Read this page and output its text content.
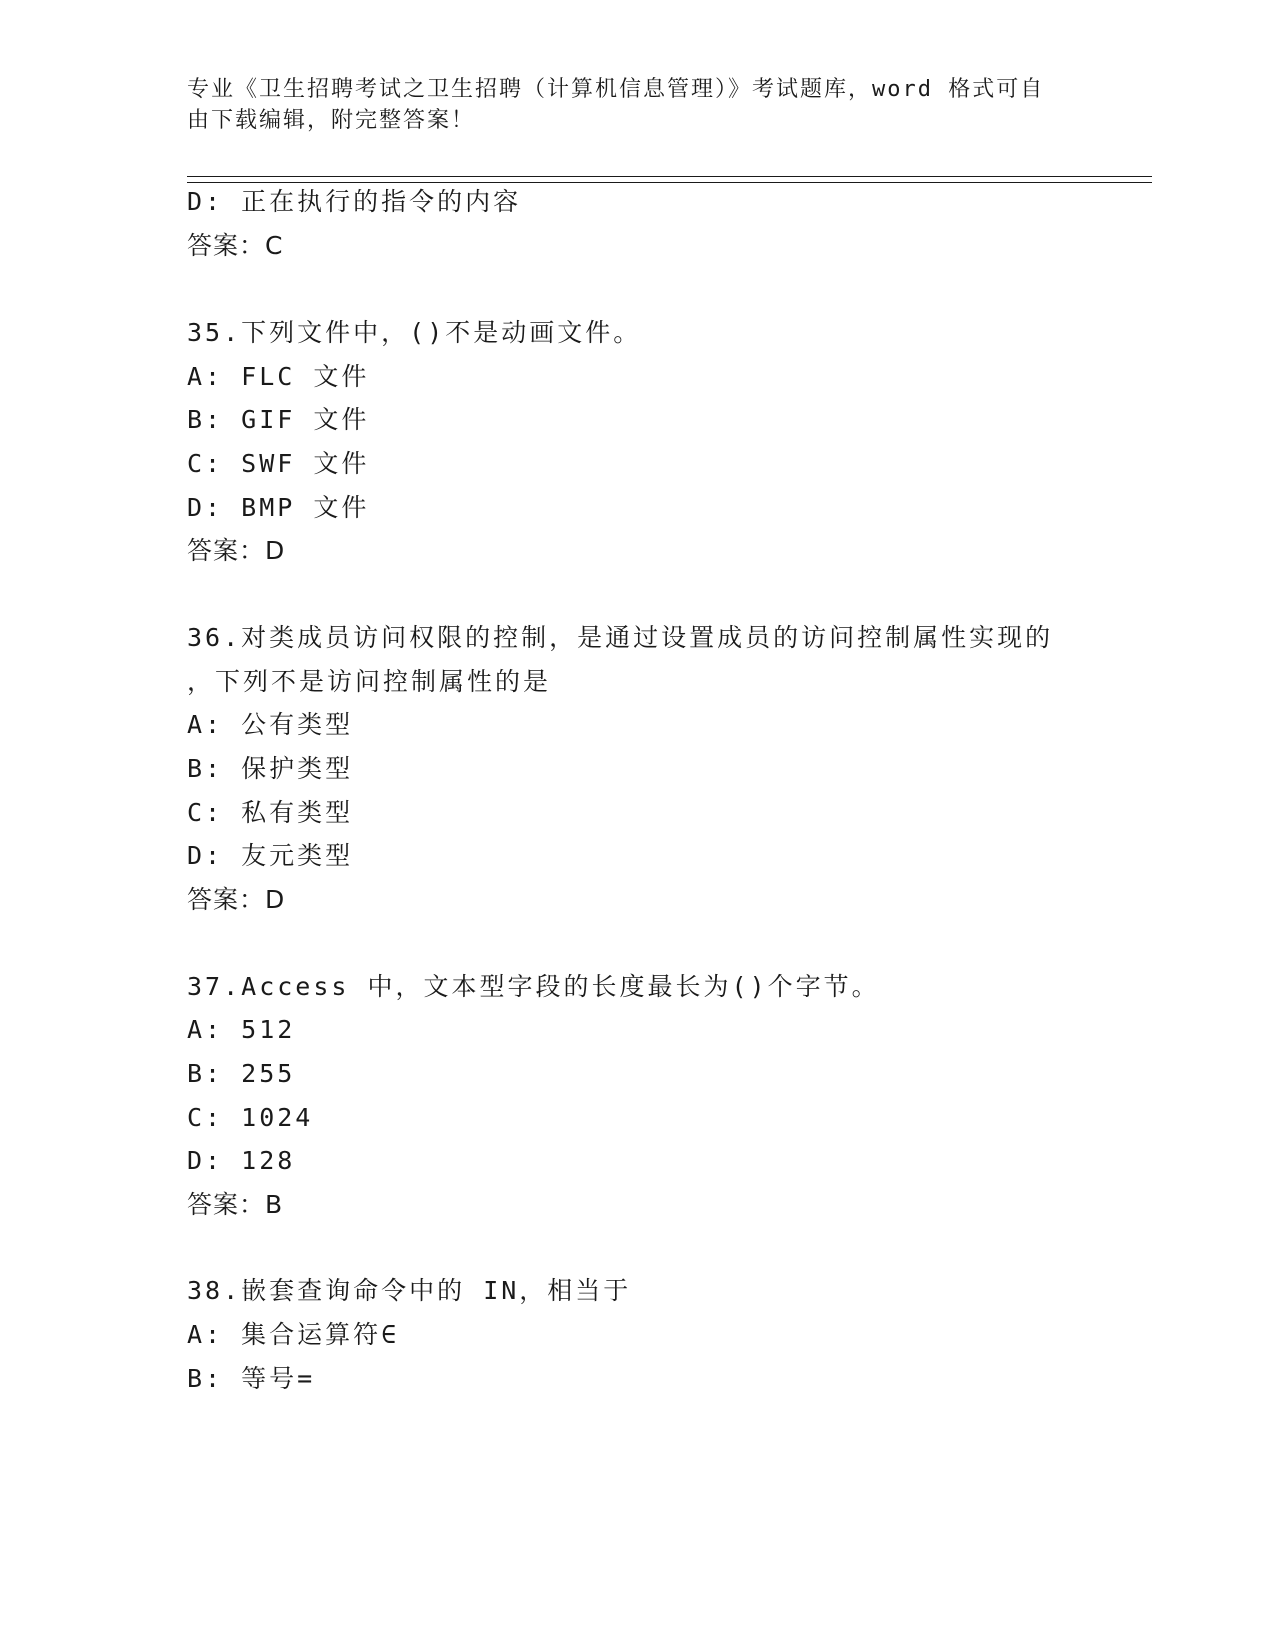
专业《卫生招聘考试之卫生招聘（计算机信息管理）》考试题库，word 格式可自
由下载编辑，附完整答案！
D: 正在执行的指令的内容
答案：C
35.下列文件中，()不是动画文件。
A: FLC 文件
B: GIF 文件
C: SWF 文件
D: BMP 文件
答案：D
36.对类成员访问权限的控制，是通过设置成员的访问控制属性实现的
，下列不是访问控制属性的是
A: 公有类型
B: 保护类型
C: 私有类型
D: 友元类型
答案：D
37.Access 中，文本型字段的长度最长为()个字节。
A: 512
B: 255
C: 1024
D: 128
答案：B
38.嵌套查询命令中的 IN，相当于
A: 集合运算符∈
B: 等号=
